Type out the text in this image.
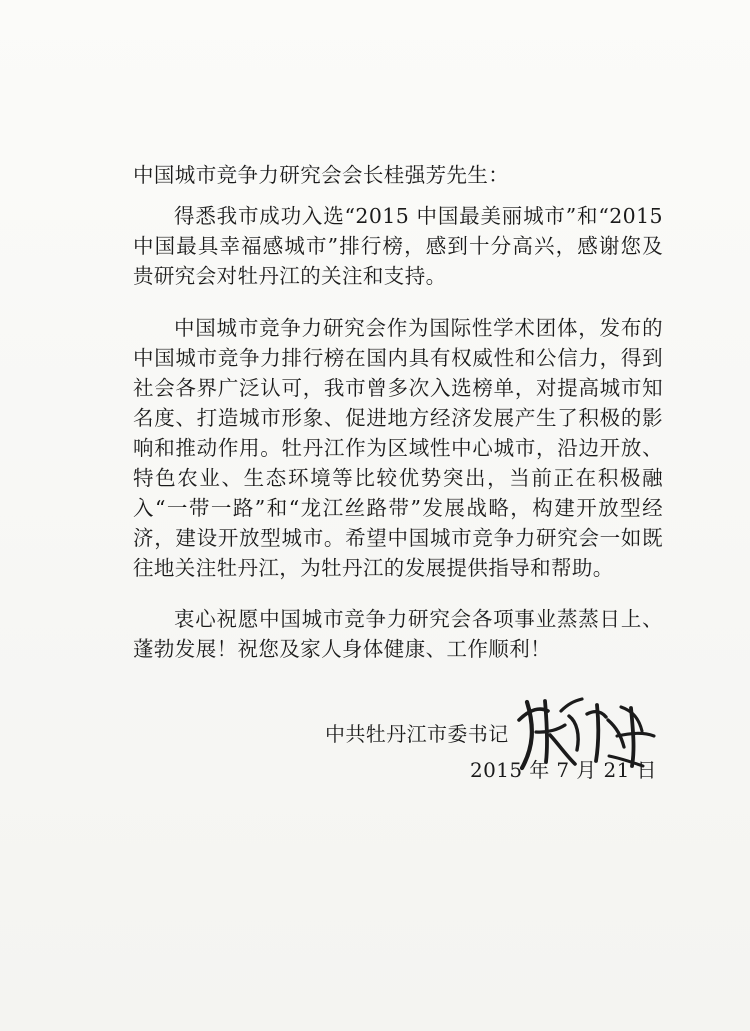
中国城市竞争力研究会会长桂强芳先生：

得悉我市成功入选“2015 中国最美丽城市”和“2015 中国最具幸福感城市”排行榜，感到十分高兴，感谢您及贵研究会对牡丹江的关注和支持。

中国城市竞争力研究会作为国际性学术团体，发布的中国城市竞争力排行榜在国内具有权威性和公信力，得到社会各界广泛认可，我市曾多次入选榜单，对提高城市知名度、打造城市形象、促进地方经济发展产生了积极的影响和推动作用。牡丹江作为区域性中心城市，沿边开放、特色农业、生态环境等比较优势突出，当前正在积极融入“一带一路”和“龙江丝路带”发展战略，构建开放型经济，建设开放型城市。希望中国城市竞争力研究会一如既往地关注牡丹江，为牡丹江的发展提供指导和帮助。

衷心祝愿中国城市竞争力研究会各项事业蒸蒸日上、蓬勃发展！祝您及家人身体健康、工作顺利！

中共牡丹江市委书记
2015 年 7 月 21 日
